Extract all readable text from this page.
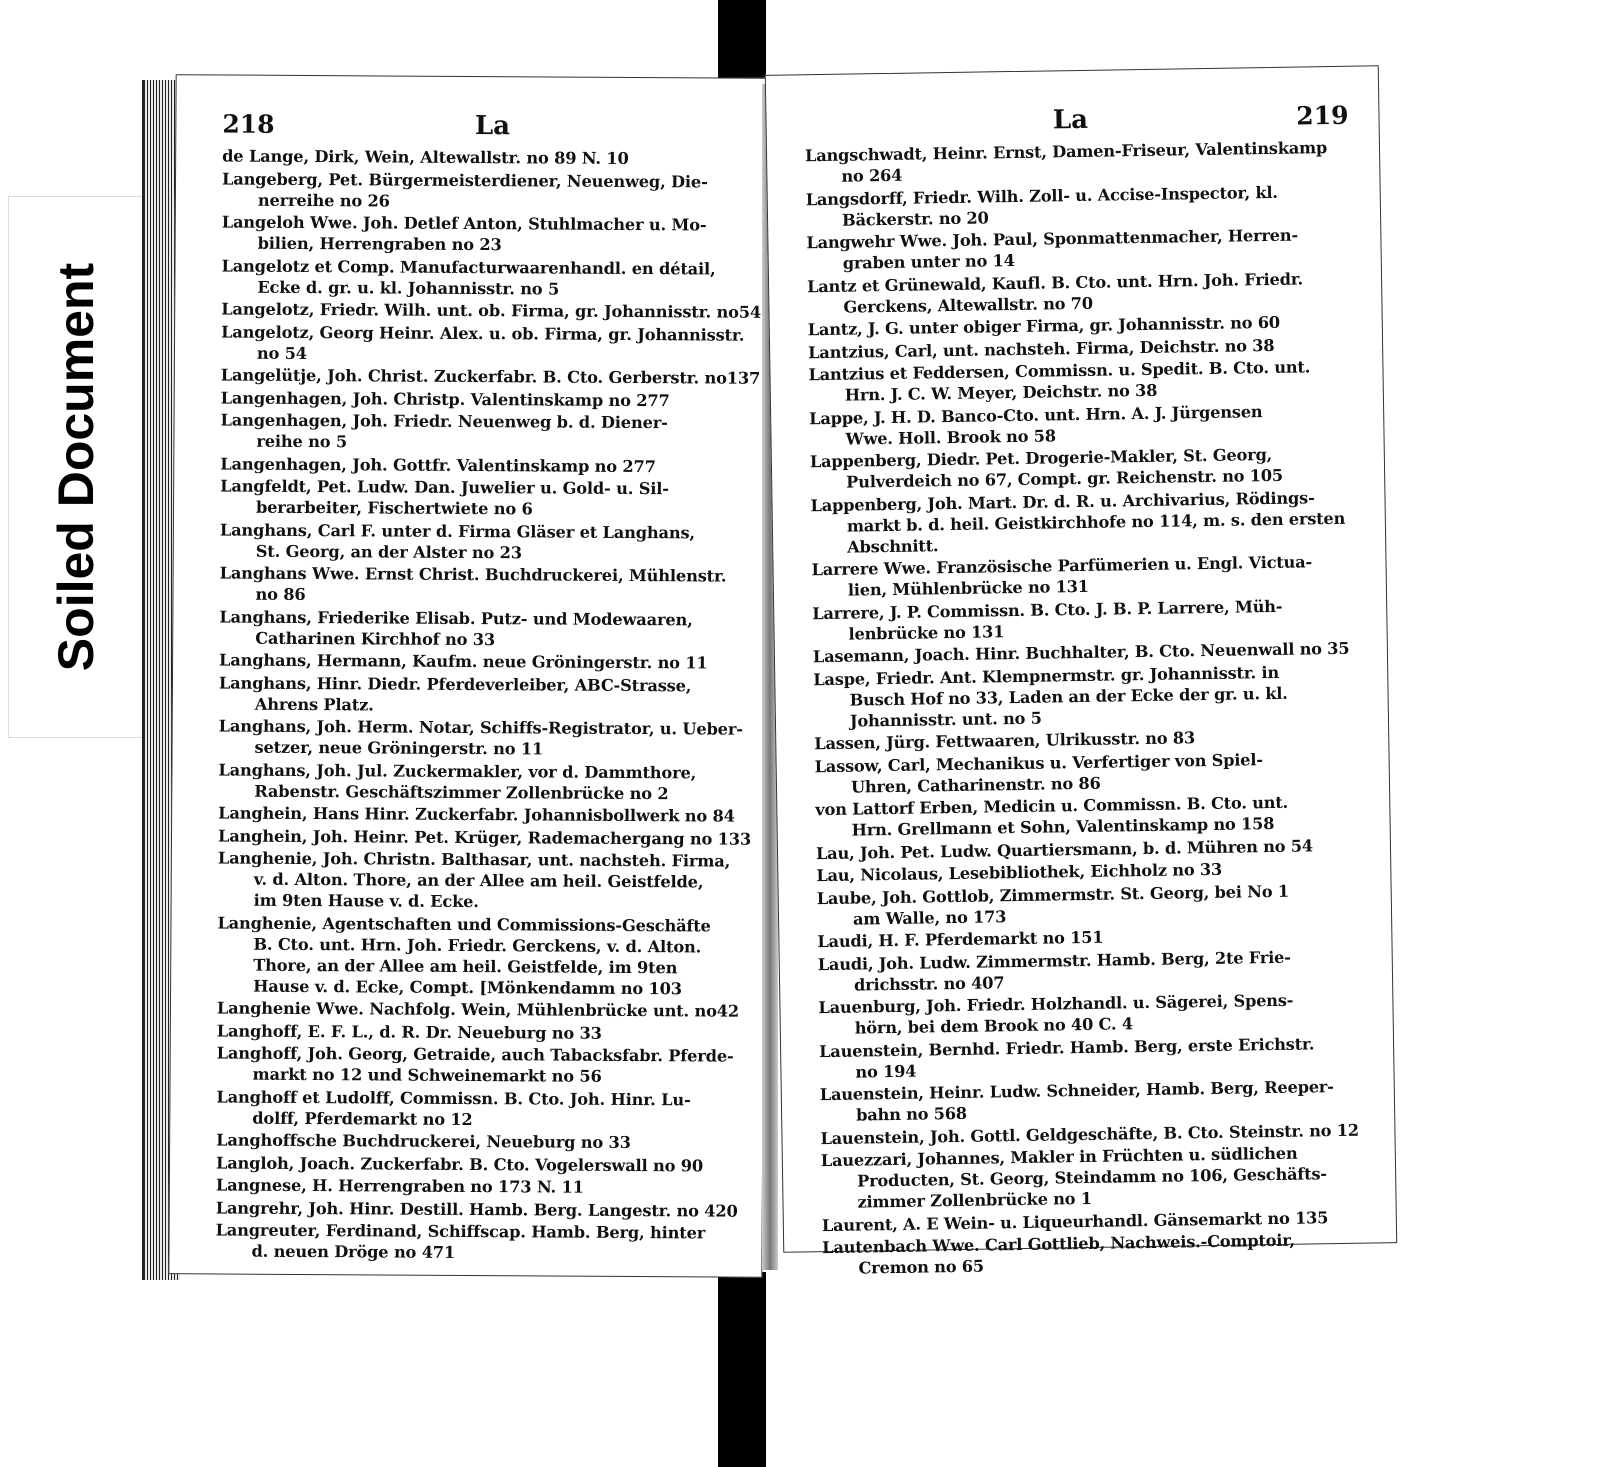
Soiled Document
218	La
de Lange, Dirk, Wein, Altewallstr. no 89 N. 10
Langeberg, Pet. Bürgermeisterdiener, Neuenweg, Die-
nerreihe no 26
Langeloh Wwe. Joh. Detlef Anton, Stuhlmacher u. Mo-
bilien, Herrengraben no 23
Langelotz et Comp. Manufacturwaarenhandl. en détail,
Ecke d. gr. u. kl. Johannisstr. no 5
Langelotz, Friedr. Wilh. unt. ob. Firma, gr. Johannisstr. no54
Langelotz, Georg Heinr. Alex. u. ob. Firma, gr. Johannisstr.
no 54
Langelütje, Joh. Christ. Zuckerfabr. B. Cto. Gerberstr. no137
Langenhagen, Joh. Christp. Valentinskamp no 277
Langenhagen, Joh. Friedr. Neuenweg b. d. Diener-
reihe no 5
Langenhagen, Joh. Gottfr. Valentinskamp no 277
Langfeldt, Pet. Ludw. Dan. Juwelier u. Gold- u. Sil-
berarbeiter, Fischertwiete no 6
Langhans, Carl F. unter d. Firma Gläser et Langhans,
St. Georg, an der Alster no 23
Langhans Wwe. Ernst Christ. Buchdruckerei, Mühlenstr.
no 86
Langhans, Friederike Elisab. Putz- und Modewaaren,
Catharinen Kirchhof no 33
Langhans, Hermann, Kaufm. neue Gröningerstr. no 11
Langhans, Hinr. Diedr. Pferdeverleiber, ABC-Strasse,
Ahrens Platz.
Langhans, Joh. Herm. Notar, Schiffs-Registrator, u. Ueber-
setzer, neue Gröningerstr. no 11
Langhans, Joh. Jul. Zuckermakler, vor d. Dammthore,
Rabenstr. Geschäftszimmer Zollenbrücke no 2
Langhein, Hans Hinr. Zuckerfabr. Johannisbollwerk no 84
Langhein, Joh. Heinr. Pet. Krüger, Rademachergang no 133
Langhenie, Joh. Christn. Balthasar, unt. nachsteh. Firma,
v. d. Alton. Thore, an der Allee am heil. Geistfelde,
im 9ten Hause v. d. Ecke.
Langhenie, Agentschaften und Commissions-Geschäfte
B. Cto. unt. Hrn. Joh. Friedr. Gerckens, v. d. Alton.
Thore, an der Allee am heil. Geistfelde, im 9ten
Hause v. d. Ecke, Compt. [Mönkendamm no 103
Langhenie Wwe. Nachfolg. Wein, Mühlenbrücke unt. no42
Langhoff, E. F. L., d. R. Dr. Neueburg no 33
Langhoff, Joh. Georg, Getraide, auch Tabacksfabr. Pferde-
markt no 12 und Schweinemarkt no 56
Langhoff et Ludolff, Commissn. B. Cto. Joh. Hinr. Lu-
dolff, Pferdemarkt no 12
Langhoffsche Buchdruckerei, Neueburg no 33
Langloh, Joach. Zuckerfabr. B. Cto. Vogelerswall no 90
Langnese, H. Herrengraben no 173 N. 11
Langrehr, Joh. Hinr. Destill. Hamb. Berg. Langestr. no 420
Langreuter, Ferdinand, Schiffscap. Hamb. Berg, hinter
d. neuen Dröge no 471
La	219
Langschwadt, Heinr. Ernst, Damen-Friseur, Valentinskamp
no 264
Langsdorff, Friedr. Wilh. Zoll- u. Accise-Inspector, kl.
Bäckerstr. no 20
Langwehr Wwe. Joh. Paul, Sponmattenmacher, Herren-
graben unter no 14
Lantz et Grünewald, Kaufl. B. Cto. unt. Hrn. Joh. Friedr.
Gerckens, Altewallstr. no 70
Lantz, J. G. unter obiger Firma, gr. Johannisstr. no 60
Lantzius, Carl, unt. nachsteh. Firma, Deichstr. no 38
Lantzius et Feddersen, Commissn. u. Spedit. B. Cto. unt.
Hrn. J. C. W. Meyer, Deichstr. no 38
Lappe, J. H. D. Banco-Cto. unt. Hrn. A. J. Jürgensen
Wwe. Holl. Brook no 58
Lappenberg, Diedr. Pet. Drogerie-Makler, St. Georg,
Pulverdeich no 67, Compt. gr. Reichenstr. no 105
Lappenberg, Joh. Mart. Dr. d. R. u. Archivarius, Rödings-
markt b. d. heil. Geistkirchhofe no 114, m. s. den ersten
Abschnitt.
Larrere Wwe. Französische Parfümerien u. Engl. Victua-
lien, Mühlenbrücke no 131
Larrere, J. P. Commissn. B. Cto. J. B. P. Larrere, Müh-
lenbrücke no 131
Lasemann, Joach. Hinr. Buchhalter, B. Cto. Neuenwall no 35
Laspe, Friedr. Ant. Klempnermstr. gr. Johannisstr. in
Busch Hof no 33, Laden an der Ecke der gr. u. kl.
Johannisstr. unt. no 5
Lassen, Jürg. Fettwaaren, Ulrikusstr. no 83
Lassow, Carl, Mechanikus u. Verfertiger von Spiel-
Uhren, Catharinenstr. no 86
von Lattorf Erben, Medicin u. Commissn. B. Cto. unt.
Hrn. Grellmann et Sohn, Valentinskamp no 158
Lau, Joh. Pet. Ludw. Quartiersmann, b. d. Mühren no 54
Lau, Nicolaus, Lesebibliothek, Eichholz no 33
Laube, Joh. Gottlob, Zimmermstr. St. Georg, bei No 1
am Walle, no 173
Laudi, H. F. Pferdemarkt no 151
Laudi, Joh. Ludw. Zimmermstr. Hamb. Berg, 2te Frie-
drichsstr. no 407
Lauenburg, Joh. Friedr. Holzhandl. u. Sägerei, Spens-
hörn, bei dem Brook no 40 C. 4
Lauenstein, Bernhd. Friedr. Hamb. Berg, erste Erichstr.
no 194
Lauenstein, Heinr. Ludw. Schneider, Hamb. Berg, Reeper-
bahn no 568
Lauenstein, Joh. Gottl. Geldgeschäfte, B. Cto. Steinstr. no 12
Lauezzari, Johannes, Makler in Früchten u. südlichen
Producten, St. Georg, Steindamm no 106, Geschäfts-
zimmer Zollenbrücke no 1
Laurent, A. E Wein- u. Liqueurhandl. Gänsemarkt no 135
Lautenbach Wwe. Carl Gottlieb, Nachweis.-Comptoir,
Cremon no 65
